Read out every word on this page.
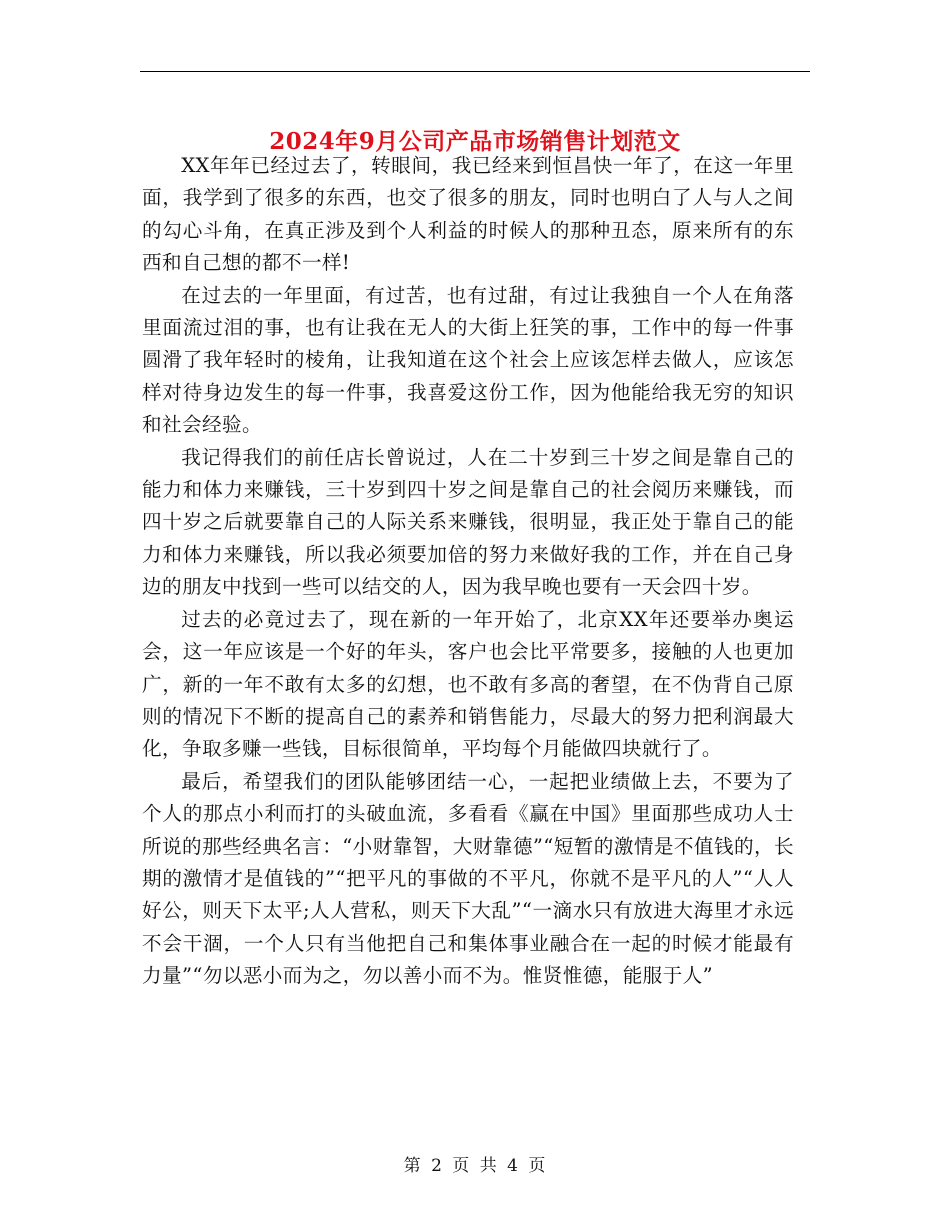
2024年9月公司产品市场销售计划范文

XX年年已经过去了，转眼间，我已经来到恒昌快一年了，在这一年里面，我学到了很多的东西，也交了很多的朋友，同时也明白了人与人之间的勾心斗角，在真正涉及到个人利益的时候人的那种丑态，原来所有的东西和自己想的都不一样!

在过去的一年里面，有过苦，也有过甜，有过让我独自一个人在角落里面流过泪的事，也有让我在无人的大街上狂笑的事，工作中的每一件事圆滑了我年轻时的棱角，让我知道在这个社会上应该怎样去做人，应该怎样对待身边发生的每一件事，我喜爱这份工作，因为他能给我无穷的知识和社会经验。

我记得我们的前任店长曾说过，人在二十岁到三十岁之间是靠自己的能力和体力来赚钱，三十岁到四十岁之间是靠自己的社会阅历来赚钱，而四十岁之后就要靠自己的人际关系来赚钱，很明显，我正处于靠自己的能力和体力来赚钱，所以我必须要加倍的努力来做好我的工作，并在自己身边的朋友中找到一些可以结交的人，因为我早晚也要有一天会四十岁。

过去的必竟过去了，现在新的一年开始了，北京XX年还要举办奥运会，这一年应该是一个好的年头，客户也会比平常要多，接触的人也更加广，新的一年不敢有太多的幻想，也不敢有多高的奢望，在不伪背自己原则的情况下不断的提高自己的素养和销售能力，尽最大的努力把利润最大化，争取多赚一些钱，目标很简单，平均每个月能做四块就行了。

最后，希望我们的团队能够团结一心，一起把业绩做上去，不要为了个人的那点小利而打的头破血流，多看看《赢在中国》里面那些成功人士所说的那些经典名言：“小财靠智，大财靠德”“短暂的激情是不值钱的，长期的激情才是值钱的”“把平凡的事做的不平凡，你就不是平凡的人”“人人好公，则天下太平;人人营私，则天下大乱”“一滴水只有放进大海里才永远不会干涸，一个人只有当他把自己和集体事业融合在一起的时候才能最有力量”“勿以恶小而为之，勿以善小而不为。惟贤惟德，能服于人”

第 2 页 共 4 页
